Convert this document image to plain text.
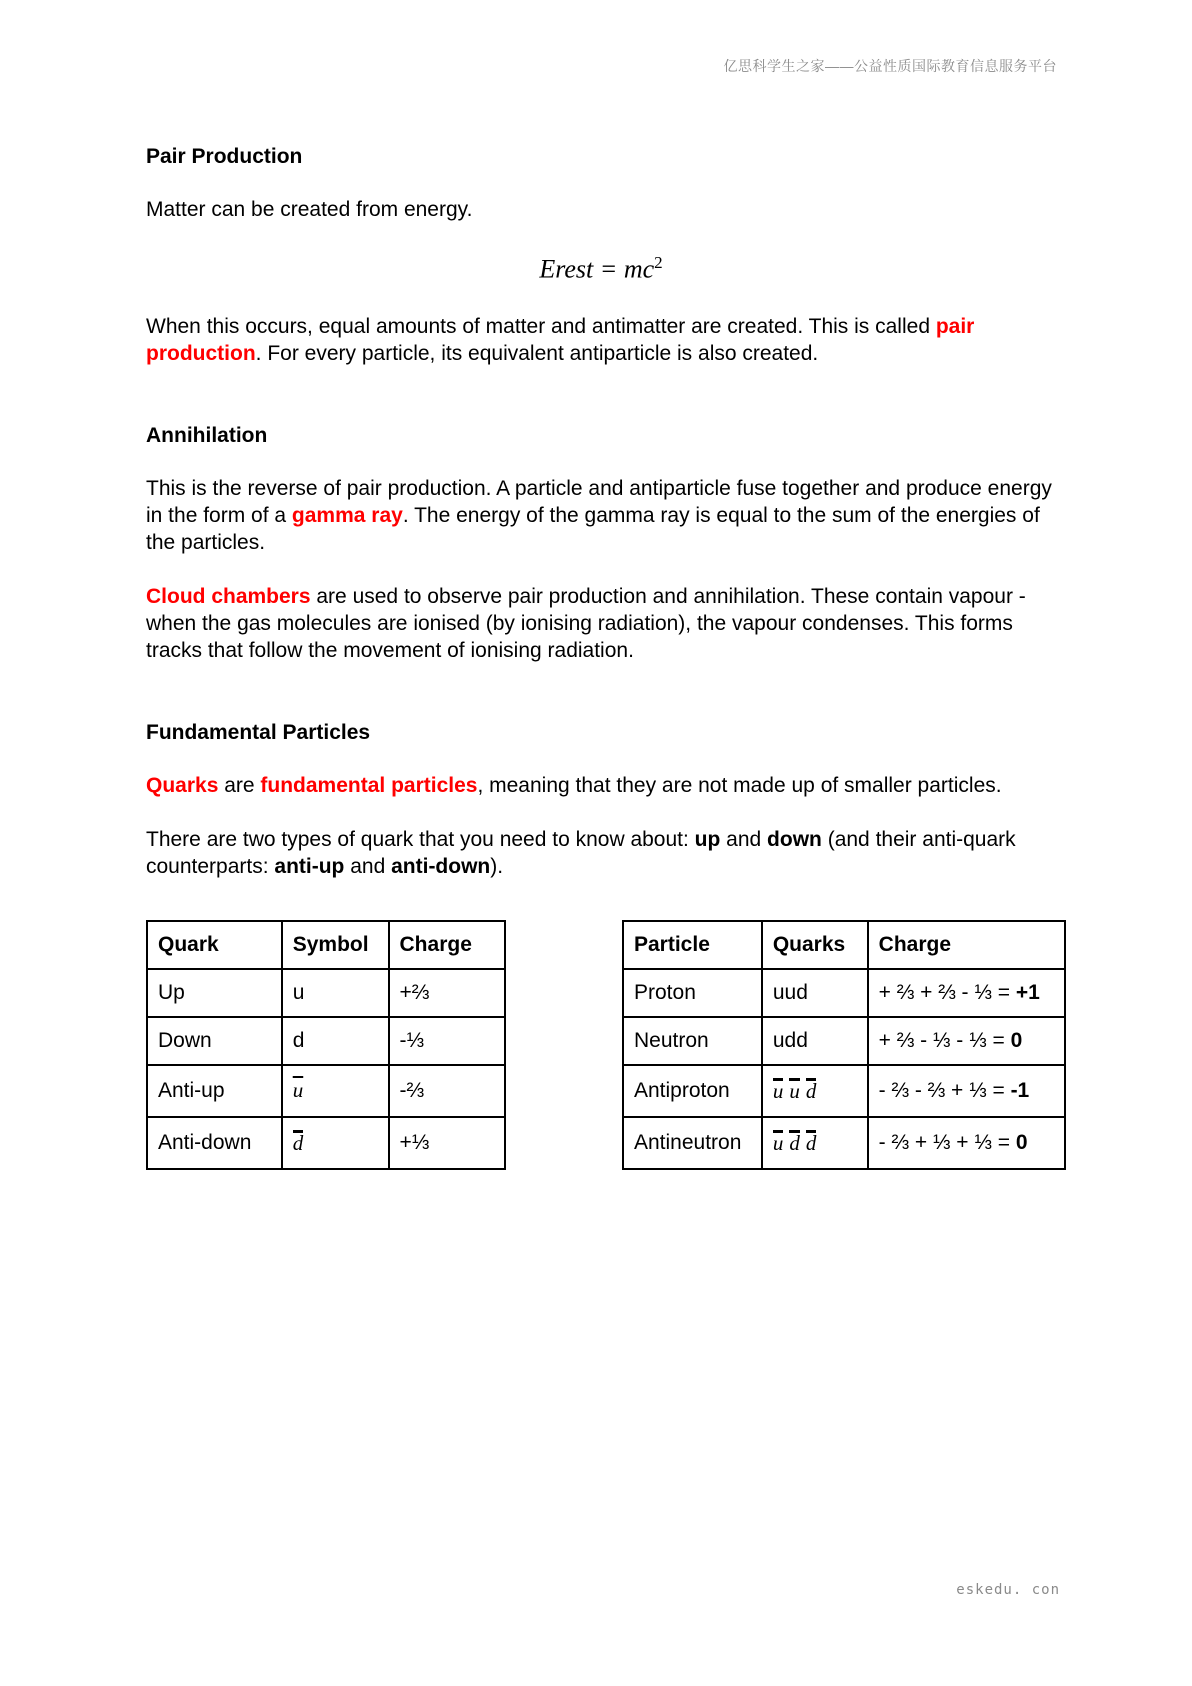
亿思科学生之家——公益性质国际教育信息服务平台
Pair Production

Matter can be created from energy.

Erest = $mc^2$

When this occurs, equal amounts of matter and antimatter are created. This is called pair production. For every particle, its equivalent antiparticle is also created.

Annihilation

This is the reverse of pair production. A particle and antiparticle fuse together and produce energy in the form of a gamma ray. The energy of the gamma ray is equal to the sum of the energies of the particles.

Cloud chambers are used to observe pair production and annihilation. These contain vapour - when the gas molecules are ionised (by ionising radiation), the vapour condenses. This forms tracks that follow the movement of ionising radiation.

Fundamental Particles

Quarks are fundamental particles, meaning that they are not made up of smaller particles.

There are two types of quark that you need to know about: up and down (and their anti-quark counterparts: anti-up and anti-down).

Quark	Symbol	Charge
Up	u	+⅔
Down	d	-⅓
Anti-up	$\overline{u}$	-⅔
Anti-down	d	+⅓
Particle	Quarks	Charge
Proton	uud	+ ⅔ + ⅔ - ⅓ = +1
Neutron	udd	+ ⅔ - ⅓ - ⅓ = 0
Antiproton	u u d	- ⅔ - ⅔ + ⅓ = -1
Antineutron	u d d	- ⅔ + ⅓ + ⅓ = 0
eskedu. con
